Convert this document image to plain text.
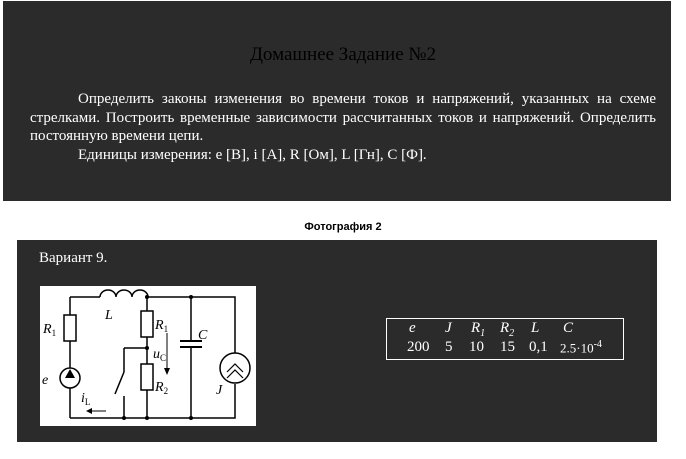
Домашнее Задание №2

Определить законы изменения во времени токов и напряжений, указанных на схеме стрелками. Построить временные зависимости рассчитанных токов и напряжений. Определить постоянную времени цепи.

Единицы измерения: e [В], i [А], R [Ом], L [Гн], C [Ф].

Фотография 2
Вариант 9.
$R_1$
L
$R_1$
$R_2$
C
J
e
$u_C$
$i_L$
e J $R_1$ $R_2$ L C
200 5 10 15 0,1 $2.5\cdot 10^{-4}$
